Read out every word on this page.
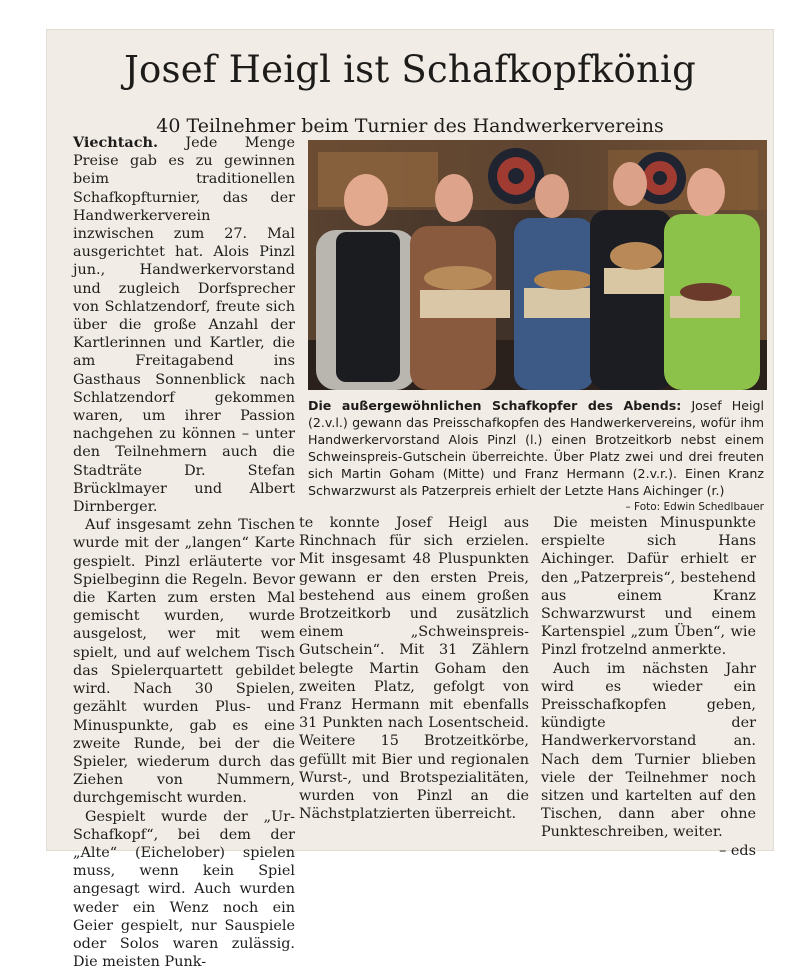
Josef Heigl ist Schafkopfkönig
40 Teilnehmer beim Turnier des Handwerkervereins

Viechtach. Jede Menge Preise gab es zu gewinnen beim traditionellen Schafkopfturnier, das der Handwerkerverein inzwischen zum 27. Mal ausgerichtet hat. Alois Pinzl jun., Handwerkervorstand und zugleich Dorfsprecher von Schlatzendorf, freute sich über die große Anzahl der Kartlerinnen und Kartler, die am Freitagabend ins Gasthaus Sonnenblick nach Schlatzendorf gekommen waren, um ihrer Passion nachgehen zu können – unter den Teilnehmern auch die Stadträte Dr. Stefan Brücklmayer und Albert Dirnberger.

Auf insgesamt zehn Tischen wurde mit der „langen“ Karte gespielt. Pinzl erläuterte vor Spielbeginn die Regeln. Bevor die Karten zum ersten Mal gemischt wurden, wurde ausgelost, wer mit wem spielt, und auf welchem Tisch das Spielerquartett gebildet wird. Nach 30 Spielen, gezählt wurden Plus- und Minuspunkte, gab es eine zweite Runde, bei der die Spieler, wiederum durch das Ziehen von Nummern, durchgemischt wurden.

Gespielt wurde der „Ur-Schafkopf“, bei dem der „Alte“ (Eichelober) spielen muss, wenn kein Spiel angesagt wird. Auch wurden weder ein Wenz noch ein Geier gespielt, nur Sauspiele oder Solos waren zulässig. Die meisten Punk-

Die außergewöhnlichen Schafkopfer des Abends: Josef Heigl (2.v.l.) gewann das Preisschafkopfen des Handwerkervereins, wofür ihm Handwerkervorstand Alois Pinzl (l.) einen Brotzeitkorb nebst einem Schweinspreis-Gutschein überreichte. Über Platz zwei und drei freuten sich Martin Goham (Mitte) und Franz Hermann (2.v.r.). Einen Kranz Schwarzwurst als Patzerpreis erhielt der Letzte Hans Aichinger (r.)
– Foto: Edwin Schedlbauer

te konnte Josef Heigl aus Rinchnach für sich erzielen. Mit insgesamt 48 Pluspunkten gewann er den ersten Preis, bestehend aus einem großen Brotzeitkorb und zusätzlich einem „Schweinspreis-Gutschein“. Mit 31 Zählern belegte Martin Goham den zweiten Platz, gefolgt von Franz Hermann mit ebenfalls 31 Punkten nach Losentscheid. Weitere 15 Brotzeitkörbe, gefüllt mit Bier und regionalen Wurst-, und Brotspezialitäten, wurden von Pinzl an die Nächstplatzierten überreicht.

Die meisten Minuspunkte erspielte sich Hans Aichinger. Dafür erhielt er den „Patzerpreis“, bestehend aus einem Kranz Schwarzwurst und einem Kartenspiel „zum Üben“, wie Pinzl frotzelnd anmerkte.

Auch im nächsten Jahr wird es wieder ein Preisschafkopfen geben, kündigte der Handwerkervorstand an. Nach dem Turnier blieben viele der Teilnehmer noch sitzen und kartelten auf den Tischen, dann aber ohne Punkteschreiben, weiter.

– eds
